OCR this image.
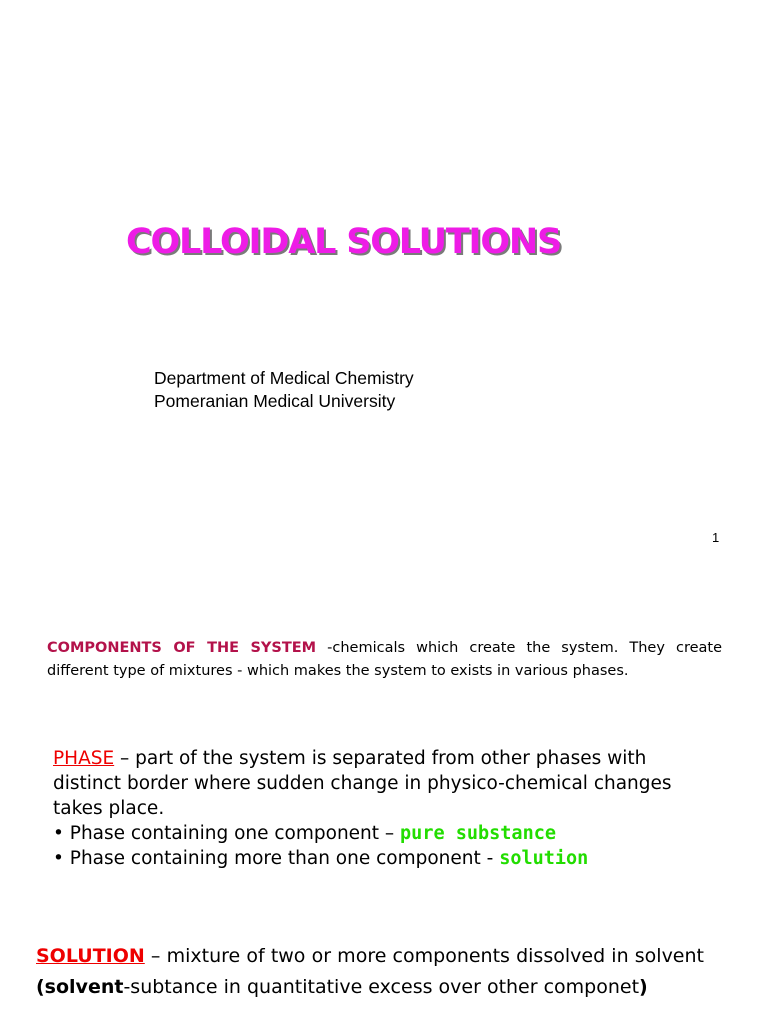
COLLOIDAL SOLUTIONS
Department of Medical Chemistry
Pomeranian Medical University
1
COMPONENTS OF THE SYSTEM -chemicals which create the system. They create different type of mixtures - which makes the system to exists in various phases.
PHASE – part of the system is separated from other phases with distinct border where sudden change in physico-chemical changes takes place.
• Phase containing one component – pure substance
• Phase containing more than one component - solution
SOLUTION – mixture of two or more components dissolved in solvent (solvent-subtance in quantitative excess over other componet)
